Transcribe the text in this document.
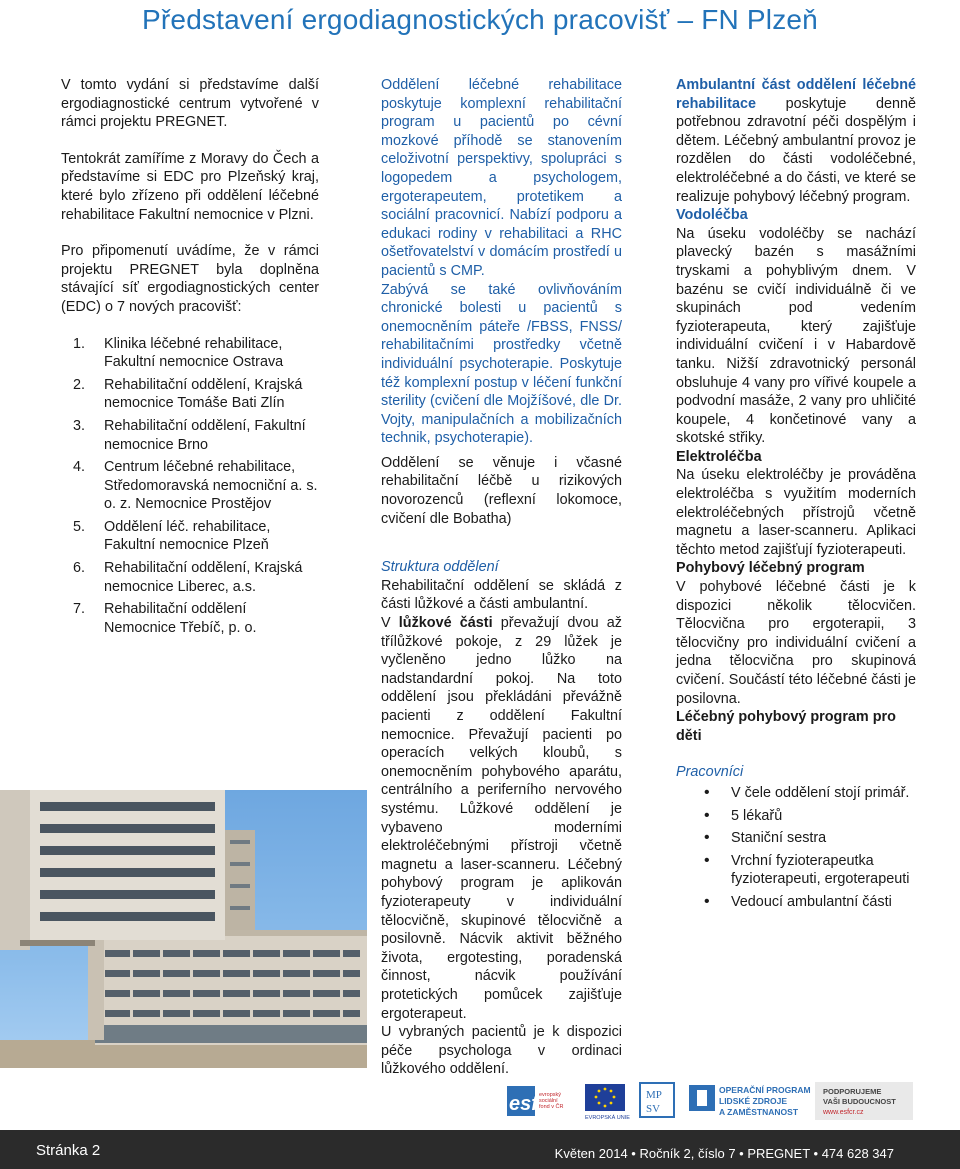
Představení ergodiagnostických pracovišť – FN Plzeň

V tomto vydání si představíme další ergodiagnostické centrum vytvořené v rámci projektu PREGNET.

Tentokrát zamíříme z Moravy do Čech a představíme si EDC pro Plzeňský kraj, které bylo zřízeno při oddělení léčebné rehabilitace Fakultní nemocnice v Plzni.

Pro připomenutí uvádíme, že v rámci projektu PREGNET byla doplněna stávající síť ergodiagnostických center (EDC) o 7 nových pracovišť:

1. Klinika léčebné rehabilitace, Fakultní nemocnice Ostrava
2. Rehabilitační oddělení, Krajská nemocnice Tomáše Bati Zlín
3. Rehabilitační oddělení, Fakultní nemocnice Brno
4. Centrum léčebné rehabilitace, Středomoravská nemocniční a. s. o. z. Nemocnice Prostějov
5. Oddělení léč. rehabilitace, Fakultní nemocnice Plzeň
6. Rehabilitační oddělení, Krajská nemocnice Liberec, a.s.
7. Rehabilitační oddělení Nemocnice Třebíč, p. o.

Oddělení léčebné rehabilitace poskytuje komplexní rehabilitační program u pacientů po cévní mozkové příhodě se stanovením celoživotní perspektivy, spolupráci s logopedem a psychologem, ergoterapeutem, protetikem a sociální pracovnicí. Nabízí podporu a edukaci rodiny v rehabilitaci a RHC ošetřovatelství v domácím prostředí u pacientů s CMP.

Zabývá se také ovlivňováním chronické bolesti u pacientů s onemocněním páteře /FBSS, FNSS/ rehabilitačními prostředky včetně individuální psychoterapie. Poskytuje též komplexní postup v léčení funkční sterility (cvičení dle Mojžíšové, dle Dr. Vojty, manipulačních a mobilizačních technik, psychoterapie).

Oddělení se věnuje i včasné rehabilitační léčbě u rizikových novorozenců (reflexní lokomoce, cvičení dle Bobatha)

Struktura oddělení

Rehabilitační oddělení se skládá z části lůžkové a části ambulantní.

V lůžkové části převažují dvou až třílůžkové pokoje, z 29 lůžek je vyčleněno jedno lůžko na nadstandardní pokoj. Na toto oddělení jsou překládáni převážně pacienti z oddělení Fakultní nemocnice. Převažují pacienti po operacích velkých kloubů, s onemocněním pohybového aparátu, centrálního a periferního nervového systému. Lůžkové oddělení je vybaveno moderními elektroléčebnými přístroji včetně magnetu a laser-scanneru. Léčebný pohybový program je aplikován fyzioterapeuty v individuální tělocvičně, skupinové tělocvičně a posilovně. Nácvik aktivit běžného života, ergotesting, poradenská činnost, nácvik používání protetických pomůcek zajišťuje ergoterapeut.

U vybraných pacientů je k dispozici péče psychologa v ordinaci lůžkového oddělení.

Ambulantní část oddělení léčebné rehabilitace poskytuje denně potřebnou zdravotní péči dospělým i dětem. Léčebný ambulantní provoz je rozdělen do části vodoléčebné, elektroléčebné a do části, ve které se realizuje pohybový léčebný program.

Vodoléčba

Na úseku vodoléčby se nachází plavecký bazén s masážními tryskami a pohyblivým dnem. V bazénu se cvičí individuálně či ve skupinách pod vedením fyzioterapeuta, který zajišťuje individuální cvičení i v Habardově tanku. Nižší zdravotnický personál obsluhuje 4 vany pro vířivé koupele a podvodní masáže, 2 vany pro uhličité koupele, 4 končetinové vany a skotské střiky.

Elektroléčba

Na úseku elektroléčby je prováděna elektroléčba s využitím moderních elektroléčebných přístrojů včetně magnetu a laser-scanneru. Aplikaci těchto metod zajišťují fyzioterapeuti.

Pohybový léčebný program

V pohybové léčebné části je k dispozici několik tělocvičen. Tělocvična pro ergoterapii, 3 tělocvičny pro individuální cvičení a jedna tělocvična pro skupinová cvičení. Součástí této léčebné části je posilovna.

Léčebný pohybový program pro děti

Pracovníci

• V čele oddělení stojí primář.
• 5 lékařů
• Staniční sestra
• Vrchní fyzioterapeutka fyzioterapeuti, ergoterapeuti
• Vedoucí ambulantní části
esf evropský sociální fond v ČR
EVROPSKÁ UNIE
MP
SV
OPERAČNÍ PROGRAM
LIDSKÉ ZDROJE
A ZAMĚSTNANOST
PODPORUJEME
VAŠI BUDOUCNOST
www.esfcr.cz
Stránka 2	Květen 2014 • Ročník 2, číslo 7 • PREGNET • 474 628 347
